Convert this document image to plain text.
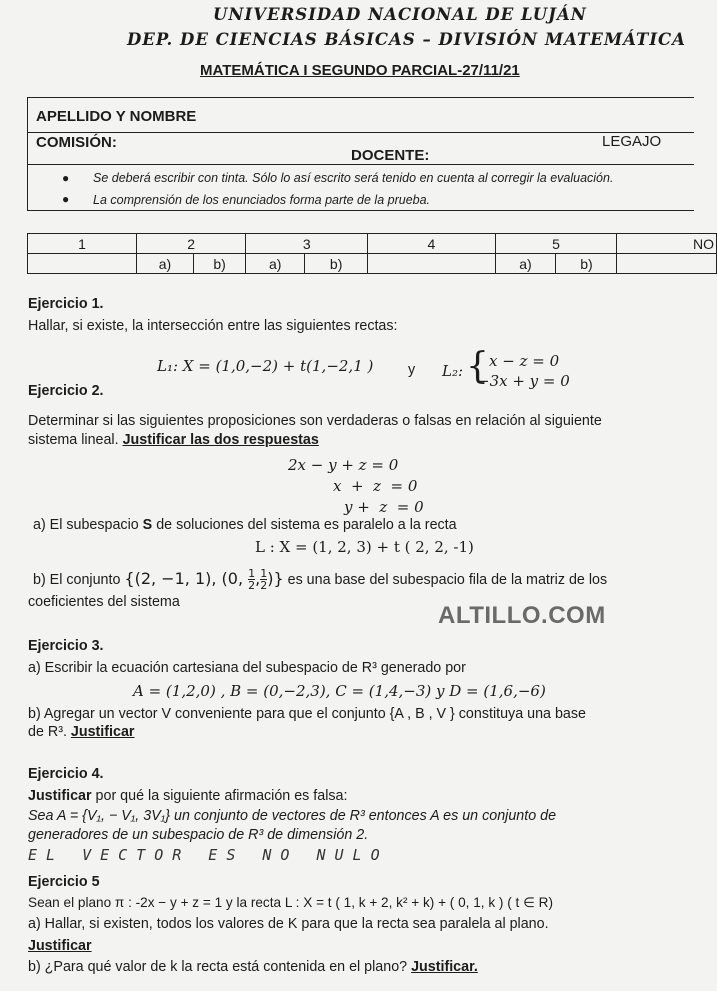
UNIVERSIDAD NACIONAL DE LUJÁN
DEP. DE CIENCIAS BÁSICAS – DIVISIÓN MATEMÁTICA
MATEMÁTICA I SEGUNDO PARCIAL-27/11/21
APELLIDO Y NOMBRE
COMISIÓN:
DOCENTE:
LEGAJO
● Se deberá escribir con tinta. Sólo lo así escrito será tenido en cuenta al corregir la evaluación.
● La comprensión de los enunciados forma parte de la prueba.
1	2		3		4	5		NO
	a)	b)	a)	b)		a)	b)	
Ejercicio 1.
Hallar, si existe, la intersección entre las siguientes rectas:
L₁: X = (1,0,−2) + t(1,−2,1 ) y L₂: { x − z = 0
−3x + y = 0
Ejercicio 2.
Determinar si las siguientes proposiciones son verdaderas o falsas en relación al siguiente
sistema lineal. Justificar las dos respuestas
2x − y + z = 0
x  +  z  = 0
y +  z  = 0
a) El subespacio S de soluciones del sistema es paralelo a la recta
L : X = (1, 2, 3) + t ( 2, 2, -1)
b) El conjunto {(2, −1, 1), (0, $\frac{1}{2}$ , $\frac{1}{2}$ )} es una base del subespacio fila de la matriz de los
coeficientes del sistema	ALTILLO.COM
Ejercicio 3.
a) Escribir la ecuación cartesiana del subespacio de R³ generado por
A = (1,2,0) , B = (0,−2,3), C = (1,4,−3) y D = (1,6,−6)
b) Agregar un vector V conveniente para que el conjunto {A , B , V } constituya una base
de R³. Justificar
Ejercicio 4.
Justificar por qué la siguiente afirmación es falsa:
Sea A = {V₁, − V₁, 3V₁} un conjunto de vectores de R³ entonces A es un conjunto de
generadores de un subespacio de R³ de dimensión 2.
EL VECTOR ES NO NULO
Ejercicio 5
Sean el plano π : -2x − y + z = 1 y la recta L : X = t ( 1, k + 2, k² + k) + ( 0, 1, k ) ( t ∈ R)
a) Hallar, si existen, todos los valores de K para que la recta sea paralela al plano.
Justificar
b) ¿Para qué valor de k la recta está contenida en el plano? Justificar.
